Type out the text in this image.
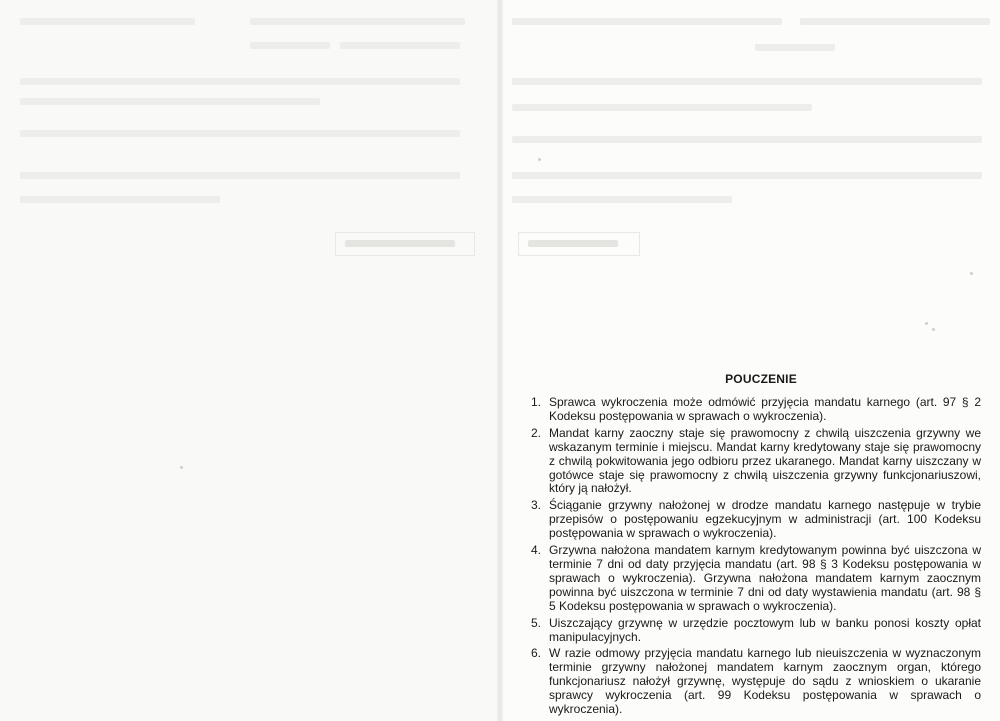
POUCZENIE
1. Sprawca wykroczenia może odmówić przyjęcia mandatu karnego (art. 97 § 2 Kodeksu postępowania w sprawach o wykroczenia).
2. Mandat karny zaoczny staje się prawomocny z chwilą uiszczenia grzywny we wskazanym terminie i miejscu. Mandat karny kredytowany staje się prawomocny z chwilą pokwitowania jego odbioru przez ukaranego. Mandat karny uiszczany w gotówce staje się prawomocny z chwilą uiszczenia grzywny funkcjonariuszowi, który ją nałożył.
3. Ściąganie grzywny nałożonej w drodze mandatu karnego następuje w trybie przepisów o postępowaniu egzekucyjnym w administracji (art. 100 Kodeksu postępowania w sprawach o wykroczenia).
4. Grzywna nałożona mandatem karnym kredytowanym powinna być uiszczona w terminie 7 dni od daty przyjęcia mandatu (art. 98 § 3 Kodeksu postępowania w sprawach o wykroczenia). Grzywna nałożona mandatem karnym zaocznym powinna być uiszczona w terminie 7 dni od daty wystawienia mandatu (art. 98 § 5 Kodeksu postępowania w sprawach o wykroczenia).
5. Uiszczający grzywnę w urzędzie pocztowym lub w banku ponosi koszty opłat manipulacyjnych.
6. W razie odmowy przyjęcia mandatu karnego lub nieuiszczenia w wyznaczonym terminie grzywny nałożonej mandatem karnym zaocznym organ, którego funkcjonariusz nałożył grzywnę, występuje do sądu z wnioskiem o ukaranie sprawcy wykroczenia (art. 99 Kodeksu postępowania w sprawach o wykroczenia).
